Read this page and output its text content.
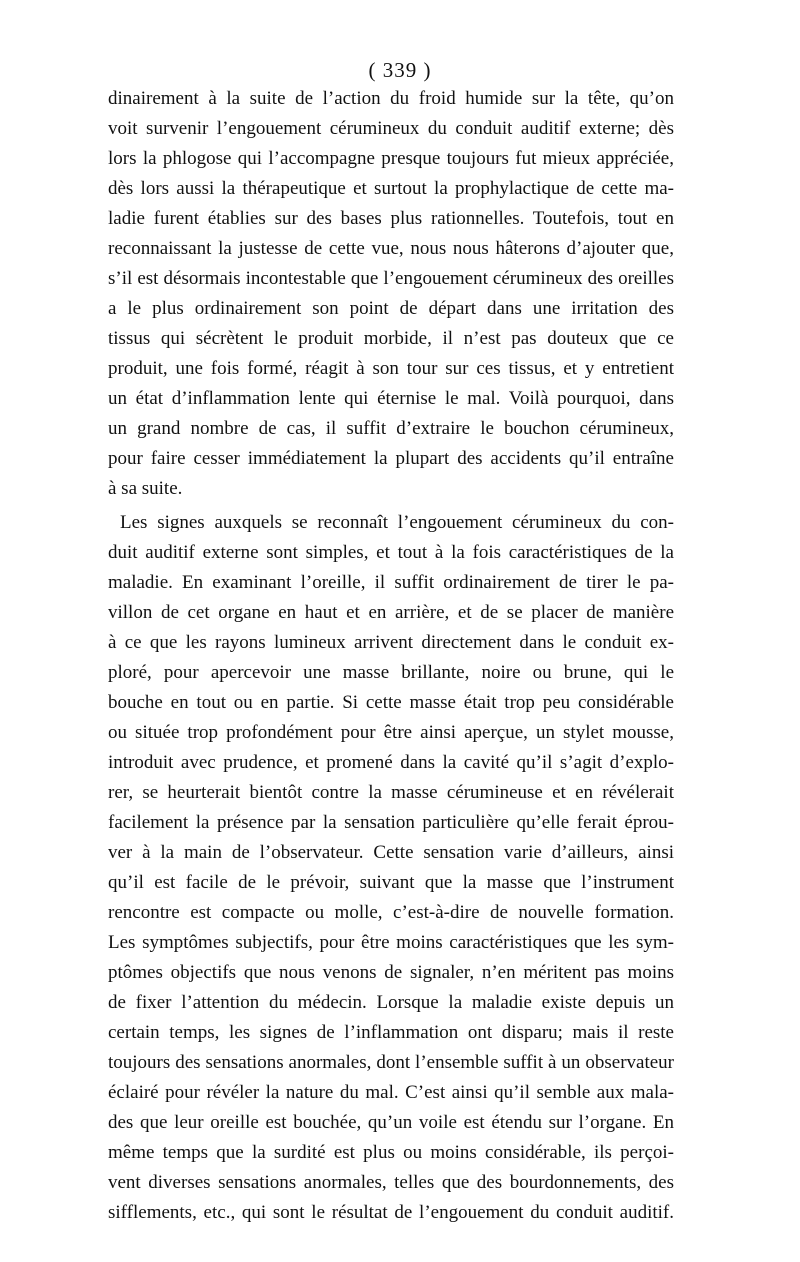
( 339 )
dinairement à la suite de l’action du froid humide sur la tête, qu’on
voit survenir l’engouement cérumineux du conduit auditif externe; dès
lors la phlogose qui l’accompagne presque toujours fut mieux appréciée,
dès lors aussi la thérapeutique et surtout la prophylactique de cette ma-
ladie furent établies sur des bases plus rationnelles. Toutefois, tout en
reconnaissant la justesse de cette vue, nous nous hâterons d’ajouter que,
s’il est désormais incontestable que l’engouement cérumineux des oreilles
a le plus ordinairement son point de départ dans une irritation des
tissus qui sécrètent le produit morbide, il n’est pas douteux que ce
produit, une fois formé, réagit à son tour sur ces tissus, et y entretient
un état d’inflammation lente qui éternise le mal. Voilà pourquoi, dans
un grand nombre de cas, il suffit d’extraire le bouchon cérumineux,
pour faire cesser immédiatement la plupart des accidents qu’il entraîne
à sa suite.
Les signes auxquels se reconnaît l’engouement cérumineux du con-
duit auditif externe sont simples, et tout à la fois caractéristiques de la
maladie. En examinant l’oreille, il suffit ordinairement de tirer le pa-
villon de cet organe en haut et en arrière, et de se placer de manière
à ce que les rayons lumineux arrivent directement dans le conduit ex-
ploré, pour apercevoir une masse brillante, noire ou brune, qui le
bouche en tout ou en partie. Si cette masse était trop peu considérable
ou située trop profondément pour être ainsi aperçue, un stylet mousse,
introduit avec prudence, et promené dans la cavité qu’il s’agit d’explo-
rer, se heurterait bientôt contre la masse cérumineuse et en révélerait
facilement la présence par la sensation particulière qu’elle ferait éprou-
ver à la main de l’observateur. Cette sensation varie d’ailleurs, ainsi
qu’il est facile de le prévoir, suivant que la masse que l’instrument
rencontre est compacte ou molle, c’est-à-dire de nouvelle formation.
Les symptômes subjectifs, pour être moins caractéristiques que les sym-
ptômes objectifs que nous venons de signaler, n’en méritent pas moins
de fixer l’attention du médecin. Lorsque la maladie existe depuis un
certain temps, les signes de l’inflammation ont disparu; mais il reste
toujours des sensations anormales, dont l’ensemble suffit à un observateur
éclairé pour révéler la nature du mal. C’est ainsi qu’il semble aux mala-
des que leur oreille est bouchée, qu’un voile est étendu sur l’organe. En
même temps que la surdité est plus ou moins considérable, ils perçoi-
vent diverses sensations anormales, telles que des bourdonnements, des
sifflements, etc., qui sont le résultat de l’engouement du conduit auditif.
